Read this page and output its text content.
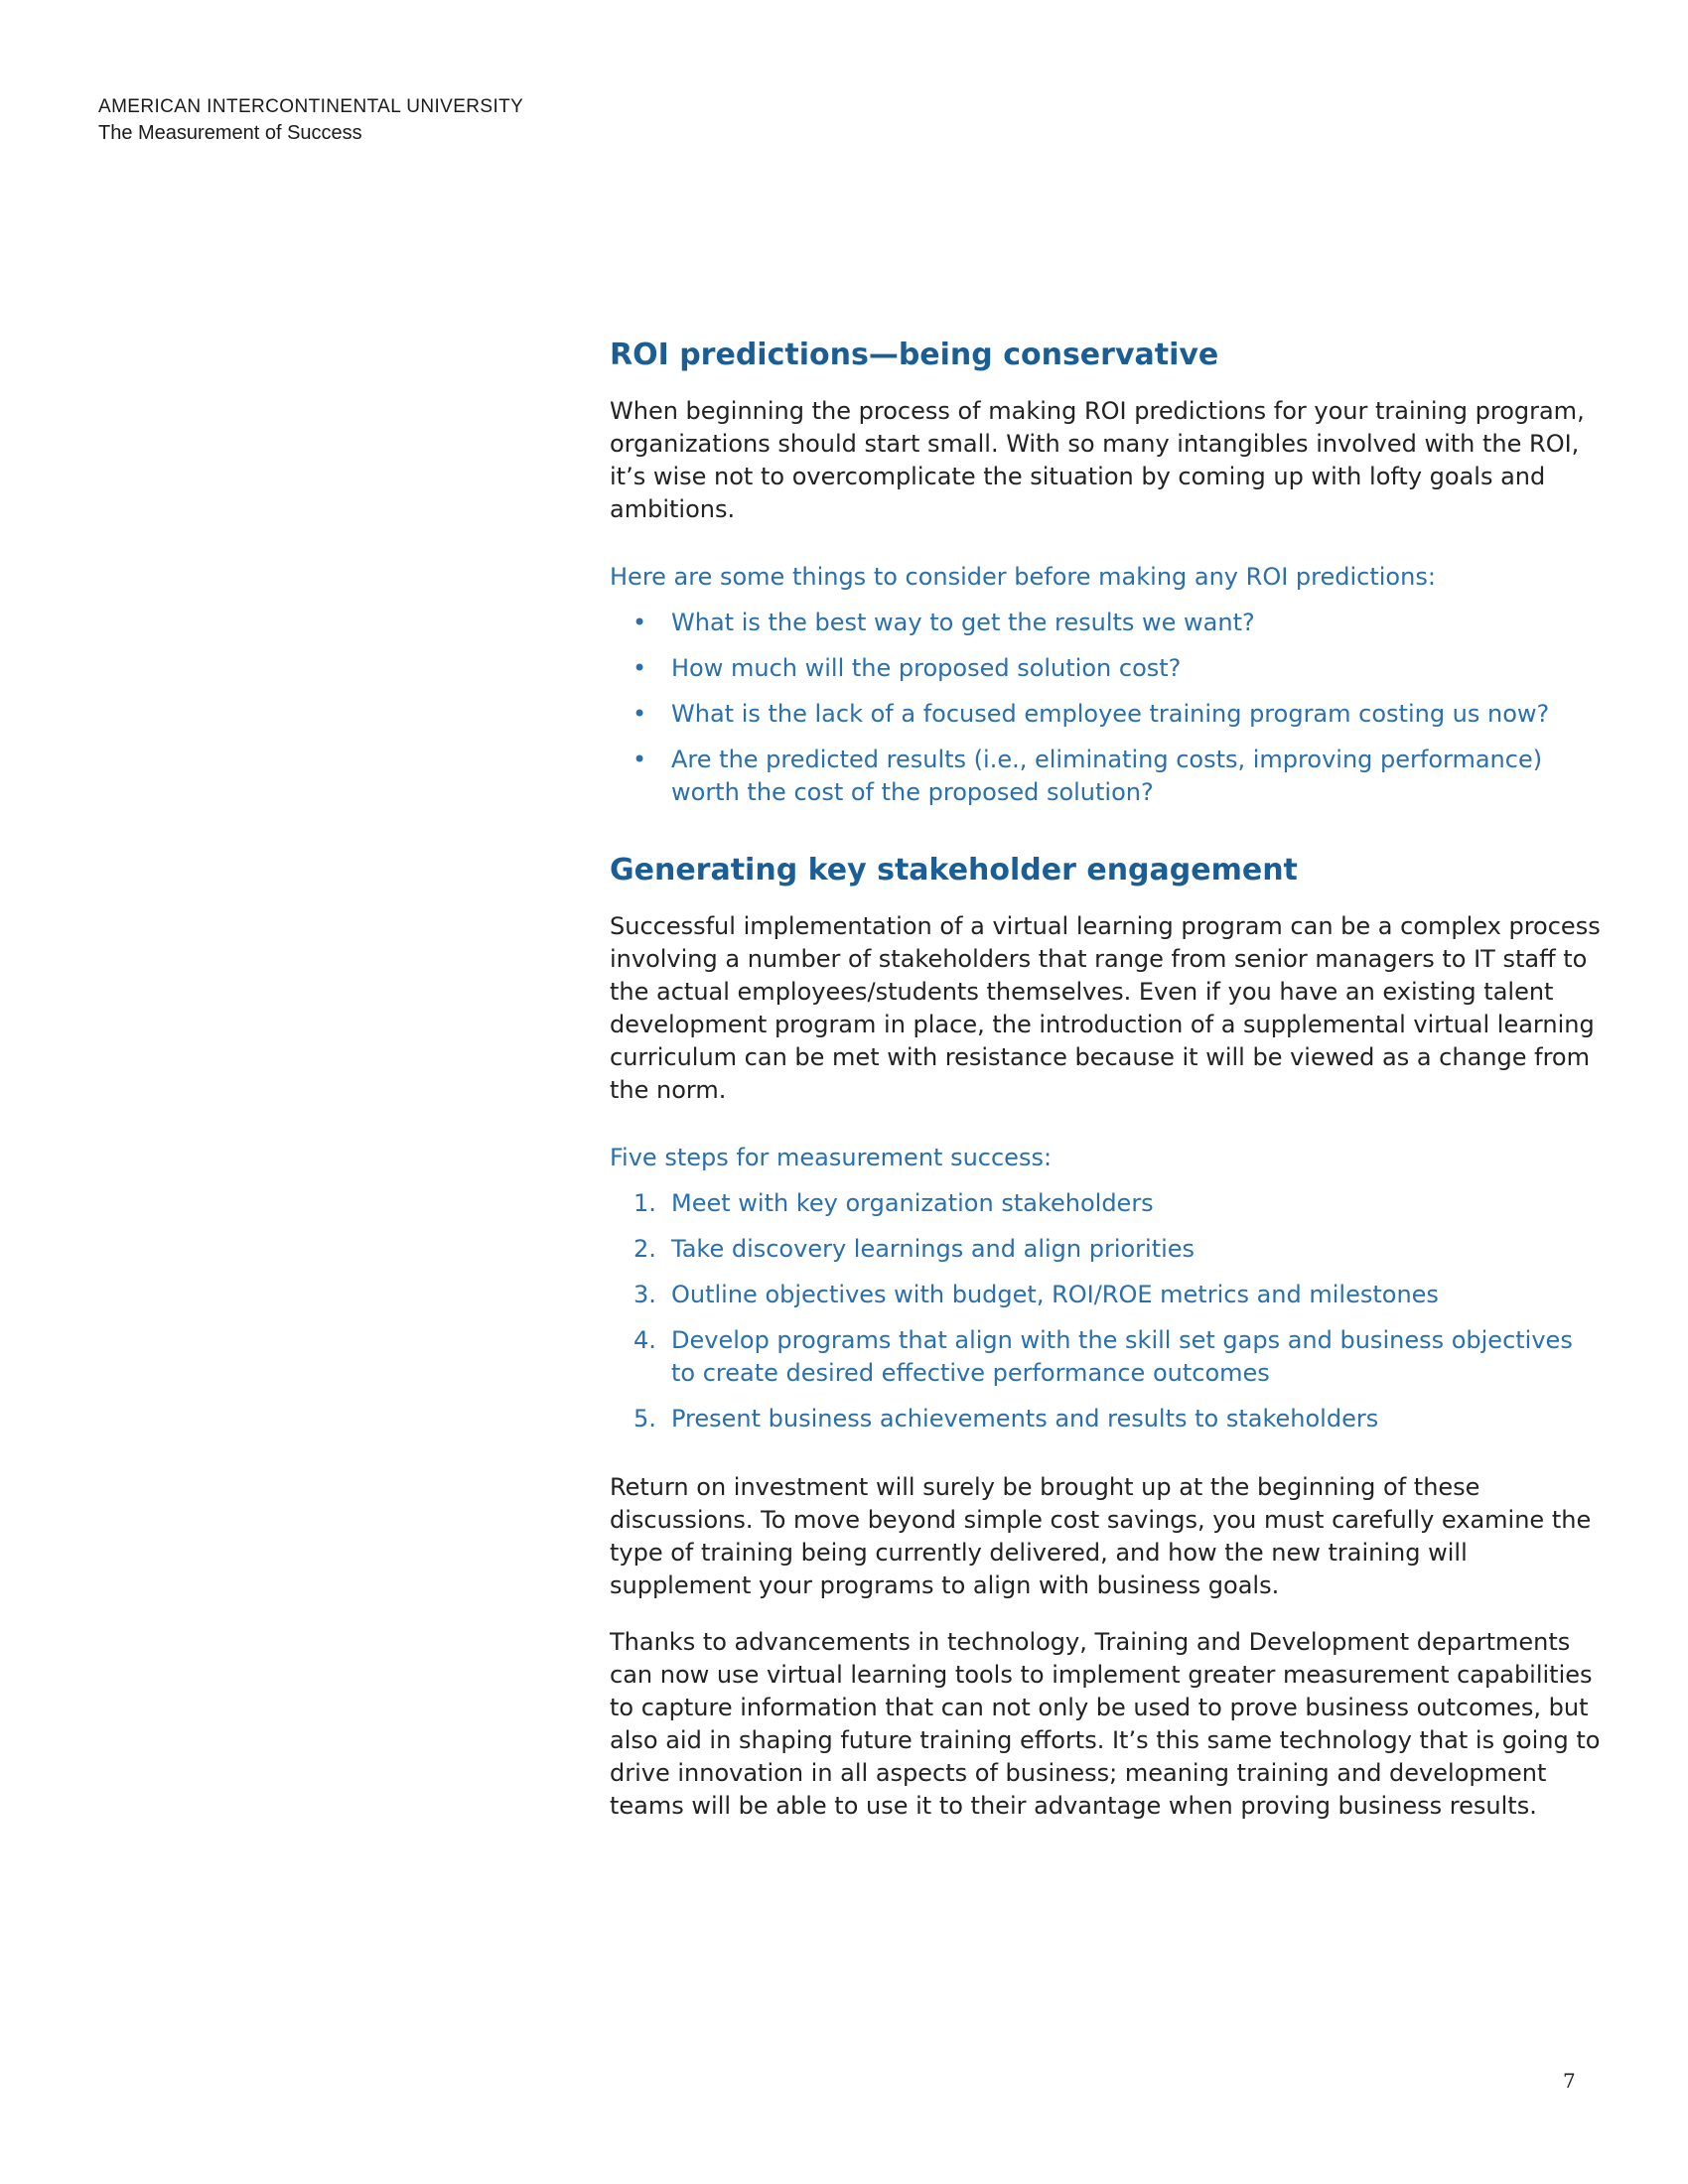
AMERICAN INTERCONTINENTAL UNIVERSITY
The Measurement of Success
ROI predictions—being conservative

When beginning the process of making ROI predictions for your training program, organizations should start small. With so many intangibles involved with the ROI, it’s wise not to overcomplicate the situation by coming up with lofty goals and ambitions.

Here are some things to consider before making any ROI predictions:
• What is the best way to get the results we want?
• How much will the proposed solution cost?
• What is the lack of a focused employee training program costing us now?
• Are the predicted results (i.e., eliminating costs, improving performance) worth the cost of the proposed solution?
Generating key stakeholder engagement

Successful implementation of a virtual learning program can be a complex process involving a number of stakeholders that range from senior managers to IT staff to the actual employees/students themselves. Even if you have an existing talent development program in place, the introduction of a supplemental virtual learning curriculum can be met with resistance because it will be viewed as a change from the norm.

Five steps for measurement success:
1. Meet with key organization stakeholders
2. Take discovery learnings and align priorities
3. Outline objectives with budget, ROI/ROE metrics and milestones
4. Develop programs that align with the skill set gaps and business objectives to create desired effective performance outcomes
5. Present business achievements and results to stakeholders

Return on investment will surely be brought up at the beginning of these discussions. To move beyond simple cost savings, you must carefully examine the type of training being currently delivered, and how the new training will supplement your programs to align with business goals.

Thanks to advancements in technology, Training and Development departments can now use virtual learning tools to implement greater measurement capabilities to capture information that can not only be used to prove business outcomes, but also aid in shaping future training efforts. It’s this same technology that is going to drive innovation in all aspects of business; meaning training and development teams will be able to use it to their advantage when proving business results.

7
